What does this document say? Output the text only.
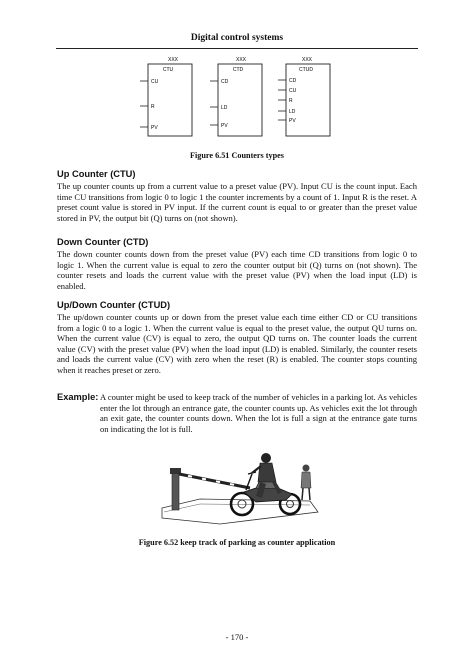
Digital control systems
XXX
CTU
CU
R
PV
XXX
CTD
CD
LD
PV
XXX
CTUD
CD
CU
R
LD
PV
Figure 6.51 Counters types
Up Counter (CTU)
The up counter counts up from a current value to a preset value (PV). Input CU is the count input. Each time CU transitions from logic 0 to logic 1 the counter increments by a count of 1. Input R is the reset. A preset count value is stored in PV input. If the current count is equal to or greater than the preset value stored in PV, the output bit (Q) turns on (not shown).
Down Counter (CTD)
The down counter counts down from the preset value (PV) each time CD transitions from logic 0 to logic 1. When the current value is equal to zero the counter output bit (Q) turns on (not shown). The counter resets and loads the current value with the preset value (PV) when the load input (LD) is enabled.
Up/Down Counter (CTUD)
The up/down counter counts up or down from the preset value each time either CD or CU transitions from a logic 0 to a logic 1. When the current value is equal to the preset value, the output QU turns on. When the current value (CV) is equal to zero, the output QD turns on. The counter loads the current value (CV) with the preset value (PV) when the load input (LD) is enabled. Similarly, the counter resets and loads the current value (CV) with zero when the reset (R) is enabled. The counter stops counting when it reaches preset or zero.
Example: A counter might be used to keep track of the number of vehicles in a parking lot. As vehicles enter the lot through an entrance gate, the counter counts up. As vehicles exit the lot through an exit gate, the counter counts down. When the lot is full a sign at the entrance gate turns on indicating the lot is full.
Figure 6.52 keep track of parking as counter application
- 170 -
